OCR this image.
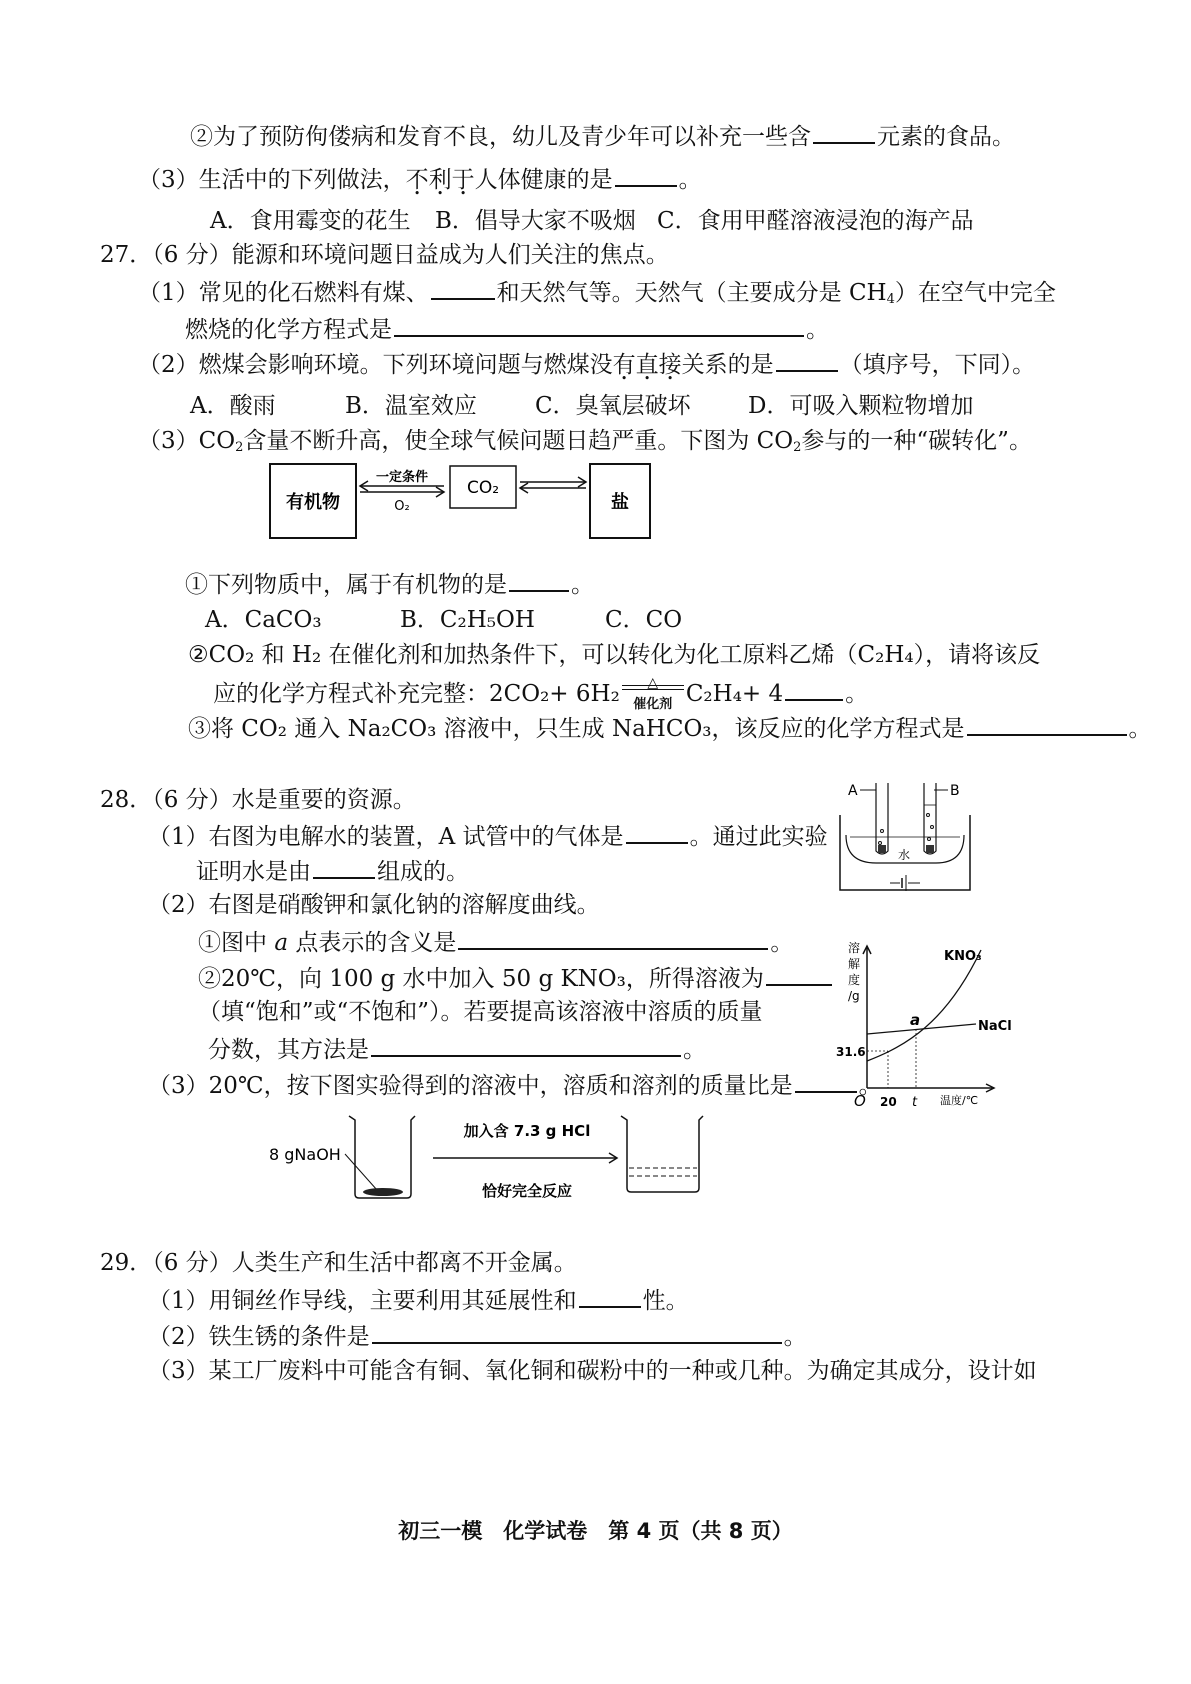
②为了预防佝偻病和发育不良，幼儿及青少年可以补充一些含	元素的食品。
（3）生活中的下列做法，不利于人体健康的是	。
A．食用霉变的花生 B．倡导大家不吸烟 C．食用甲醛溶液浸泡的海产品
27．（6 分）能源和环境问题日益成为人们关注的焦点。
（1）常见的化石燃料有煤、	和天然气等。天然气（主要成分是 $CH_4$）在空气中完全
燃烧的化学方程式是	。
（2）燃煤会影响环境。下列环境问题与燃煤没有直接关系的是	（填序号，下同）。
A．酸雨	B．温室效应	C．臭氧层破坏 D．可吸入颗粒物增加
$(3)CO_2$含量不断升高，使全球气候问题日趋严重。下图为 $CO_2$参与的一种“碳转化”。
有机物
一定条件
O₂
CO₂
盐
①下列物质中，属于有机物的是	。
A．CaCO₃	B．C₂H₅OH	C．CO
②CO₂ 和 H₂ 在催化剂和加热条件下，可以转化为化工原料乙烯（C₂H₄），请将该反
应的化学方程式补充完整：2CO₂+ 6H₂	△
催化剂 C₂H₄+ 4	。
③将 CO₂ 通入 Na₂CO₃ 溶液中，只生成 NaHCO₃，该反应的化学方程式是	。
28．（6 分）水是重要的资源。
（1）右图为电解水的装置，A 试管中的气体是	。通过此实验
证明水是由	组成的。
（2）右图是硝酸钾和氯化钠的溶解度曲线。
①图中 a 点表示的含义是	。
②20℃，向 100 g 水中加入 50 g KNO₃，所得溶液为
（填“饱和”或“不饱和”）。若要提高该溶液中溶质的质量
分数，其方法是	。
（3）20℃，按下图实验得到的溶液中，溶质和溶剂的质量比是	。
A	B
水
溶
解
度
/g
KNO₃
NaCl
a
31.6
O 20 t 温度/℃
8 gNaOH
加入含 7.3 g HCl
恰好完全反应
29．（6 分）人类生产和生活中都离不开金属。
（1）用铜丝作导线，主要利用其延展性和	性。
（2）铁生锈的条件是	。
（3）某工厂废料中可能含有铜、氧化铜和碳粉中的一种或几种。为确定其成分，设计如
初三一模　化学试卷　第 4 页（共 8 页）
